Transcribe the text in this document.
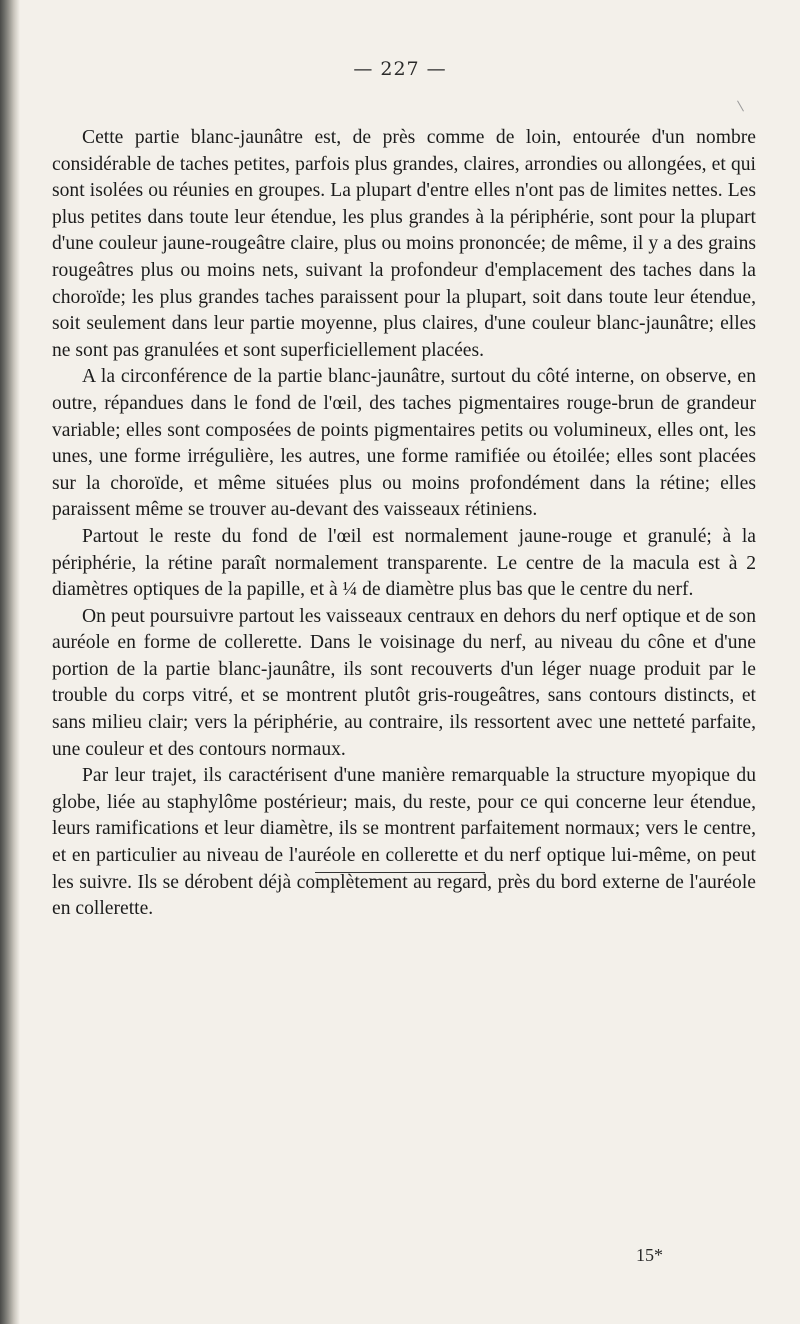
— 227 —

Cette partie blanc-jaunâtre est, de près comme de loin, entourée d'un nombre considérable de taches petites, parfois plus grandes, claires, arrondies ou allongées, et qui sont isolées ou réunies en groupes. La plupart d'entre elles n'ont pas de limites nettes. Les plus petites dans toute leur étendue, les plus grandes à la périphérie, sont pour la plupart d'une couleur jaune-rougeâtre claire, plus ou moins prononcée; de même, il y a des grains rougeâtres plus ou moins nets, suivant la profondeur d'emplacement des taches dans la choroïde; les plus grandes taches paraissent pour la plupart, soit dans toute leur étendue, soit seulement dans leur partie moyenne, plus claires, d'une couleur blanc-jaunâtre; elles ne sont pas granulées et sont superficiellement placées.

A la circonférence de la partie blanc-jaunâtre, surtout du côté interne, on observe, en outre, répandues dans le fond de l'œil, des taches pigmentaires rouge-brun de grandeur variable; elles sont composées de points pigmentaires petits ou volumineux, elles ont, les unes, une forme irrégulière, les autres, une forme ramifiée ou étoilée; elles sont placées sur la choroïde, et même situées plus ou moins profondément dans la rétine; elles paraissent même se trouver au-devant des vaisseaux rétiniens.

Partout le reste du fond de l'œil est normalement jaune-rouge et granulé; à la périphérie, la rétine paraît normalement transparente. Le centre de la macula est à 2 diamètres optiques de la papille, et à ¼ de diamètre plus bas que le centre du nerf.

On peut poursuivre partout les vaisseaux centraux en dehors du nerf optique et de son auréole en forme de collerette. Dans le voisinage du nerf, au niveau du cône et d'une portion de la partie blanc-jaunâtre, ils sont recouverts d'un léger nuage produit par le trouble du corps vitré, et se montrent plutôt gris-rougeâtres, sans contours distincts, et sans milieu clair; vers la périphérie, au contraire, ils ressortent avec une netteté parfaite, une couleur et des contours normaux.

Par leur trajet, ils caractérisent d'une manière remarquable la structure myopique du globe, liée au staphylôme postérieur; mais, du reste, pour ce qui concerne leur étendue, leurs ramifications et leur diamètre, ils se montrent parfaitement normaux; vers le centre, et en particulier au niveau de l'auréole en collerette et du nerf optique lui-même, on peut les suivre. Ils se dérobent déjà complètement au regard, près du bord externe de l'auréole en collerette.

15*
